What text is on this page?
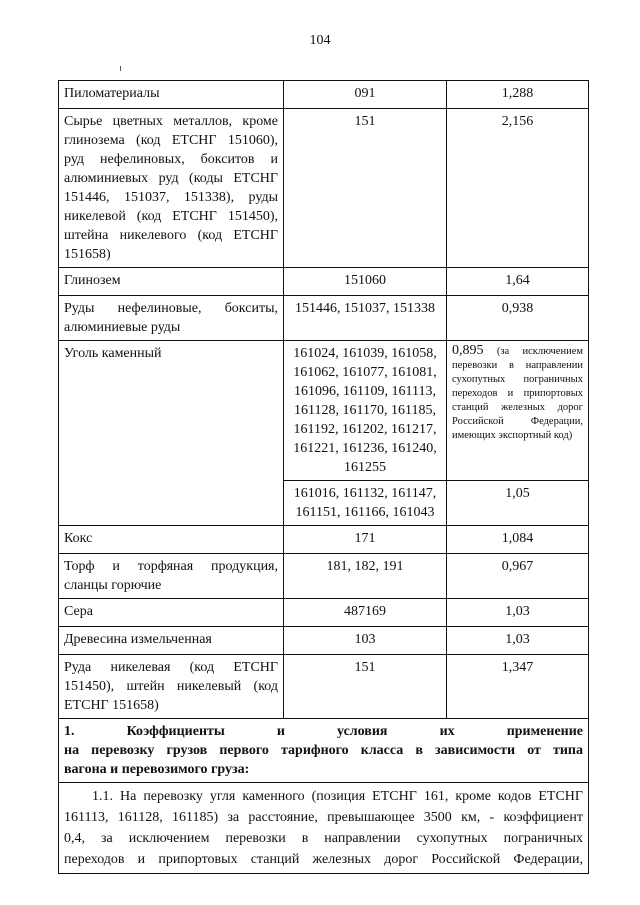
104
Пиломатериалы	091	1,288
Сырье цветных металлов, кроме глинозема (код ЕТСНГ 151060), руд нефелиновых, бокситов и алюминиевых руд (коды ЕТСНГ 151446, 151037, 151338), руды никелевой (код ЕТСНГ 151450), штейна никелевого (код ЕТСНГ 151658)	151	2,156
Глинозем	151060	1,64
Руды нефелиновые, бокситы, алюминиевые руды	151446, 151037, 151338	0,938
Уголь каменный	161024, 161039, 161058, 161062, 161077, 161081, 161096, 161109, 161113, 161128, 161170, 161185, 161192, 161202, 161217, 161221, 161236, 161240, 161255	0,895 (за исключением перевозки в направлении сухопутных пограничных переходов и припортовых станций железных дорог Российской Федерации, имеющих экспортный код)
	161016, 161132, 161147, 161151, 161166, 161043	1,05
Кокс	171	1,084
Торф и торфяная продукция, сланцы горючие	181, 182, 191	0,967
Сера	487169	1,03
Древесина измельченная	103	1,03
Руда никелевая (код ЕТСНГ 151450), штейн никелевый (код ЕТСНГ 151658)	151	1,347

1. Коэффициенты и условия их применение
на перевозку грузов первого тарифного класса в зависимости от типа
вагона и перевозимого груза:		

1.1. На перевозку угля каменного (позиция ЕТСНГ 161, кроме кодов ЕТСНГ
161113, 161128, 161185) за расстояние, превышающее 3500 км, - коэффициент
0,4, за исключением перевозки в направлении сухопутных пограничных
переходов и припортовых станций железных дорог Российской Федерации,		
